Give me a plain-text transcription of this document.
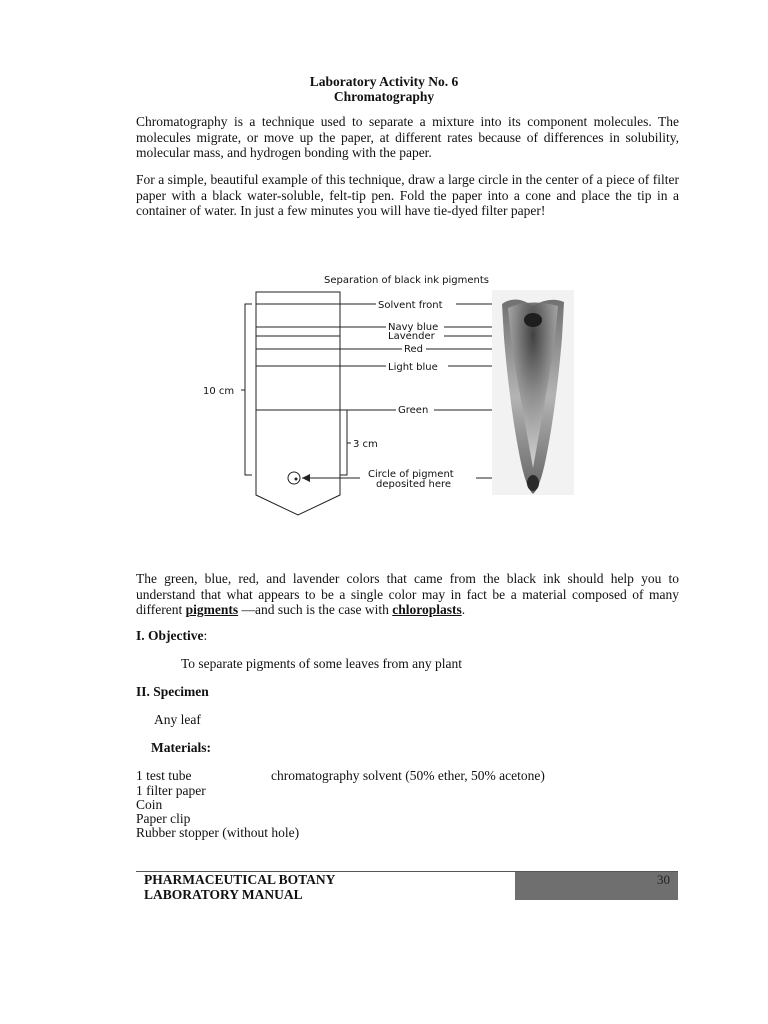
Laboratory Activity No. 6
Chromatography
Chromatography is a technique used to separate a mixture into its component molecules. The molecules migrate, or move up the paper, at different rates because of differences in solubility, molecular mass, and hydrogen bonding with the paper.
For a simple, beautiful example of this technique, draw a large circle in the center of a piece of filter paper with a black water-soluble, felt-tip pen. Fold the paper into a cone and place the tip in a container of water. In just a few minutes you will have tie-dyed filter paper!
Separation of black ink pigments
10 cm
3 cm
Solvent front
Navy blue
Lavender
Red
Light blue
Green
Circle of pigment
deposited here
The green, blue, red, and lavender colors that came from the black ink should help you to understand that what appears to be a single color may in fact be a material composed of many different pigments —and such is the case with chloroplasts.
I. Objective:
To separate pigments of some leaves from any plant
II. Specimen
Any leaf
Materials:
1 test tube	chromatography solvent (50% ether, 50% acetone)
1 filter paper
Coin
Paper clip
Rubber stopper (without hole)
PHARMACEUTICAL BOTANY
LABORATORY MANUAL
30
